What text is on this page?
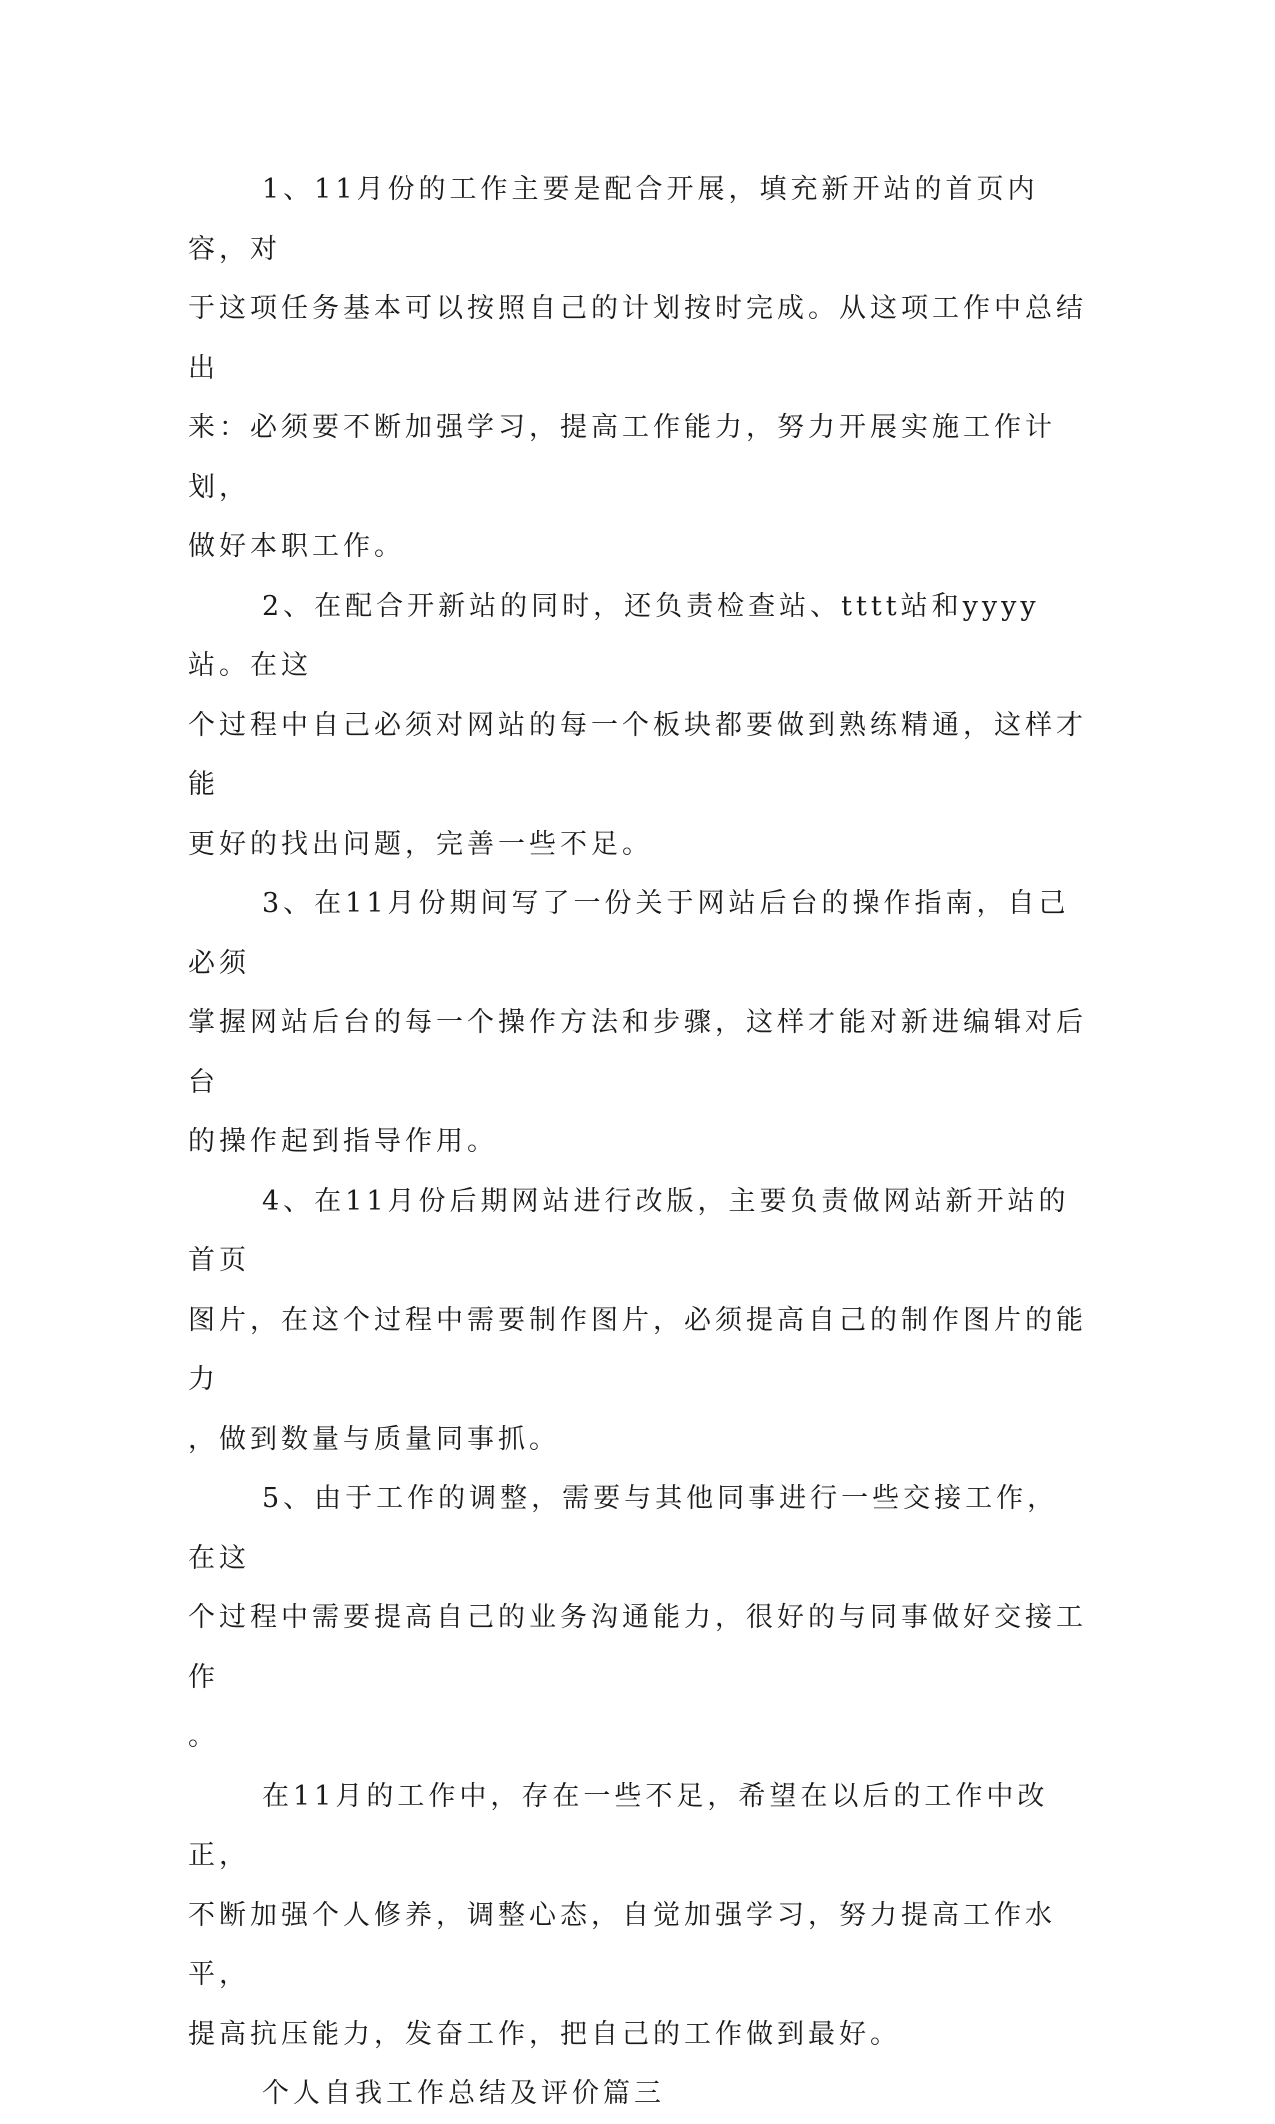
1、11月份的工作主要是配合开展，填充新开站的首页内容，对
于这项任务基本可以按照自己的计划按时完成。从这项工作中总结出
来：必须要不断加强学习，提高工作能力，努力开展实施工作计划，
做好本职工作。

2、在配合开新站的同时，还负责检查站、tttt站和yyyy站。在这
个过程中自己必须对网站的每一个板块都要做到熟练精通，这样才能
更好的找出问题，完善一些不足。

3、在11月份期间写了一份关于网站后台的操作指南，自己必须
掌握网站后台的每一个操作方法和步骤，这样才能对新进编辑对后台
的操作起到指导作用。

4、在11月份后期网站进行改版，主要负责做网站新开站的首页
图片，在这个过程中需要制作图片，必须提高自己的制作图片的能力
，做到数量与质量同事抓。

5、由于工作的调整，需要与其他同事进行一些交接工作，在这
个过程中需要提高自己的业务沟通能力，很好的与同事做好交接工作
。

在11月的工作中，存在一些不足，希望在以后的工作中改正，
不断加强个人修养，调整心态，自觉加强学习，努力提高工作水平，
提高抗压能力，发奋工作，把自己的工作做到最好。

个人自我工作总结及评价篇三
